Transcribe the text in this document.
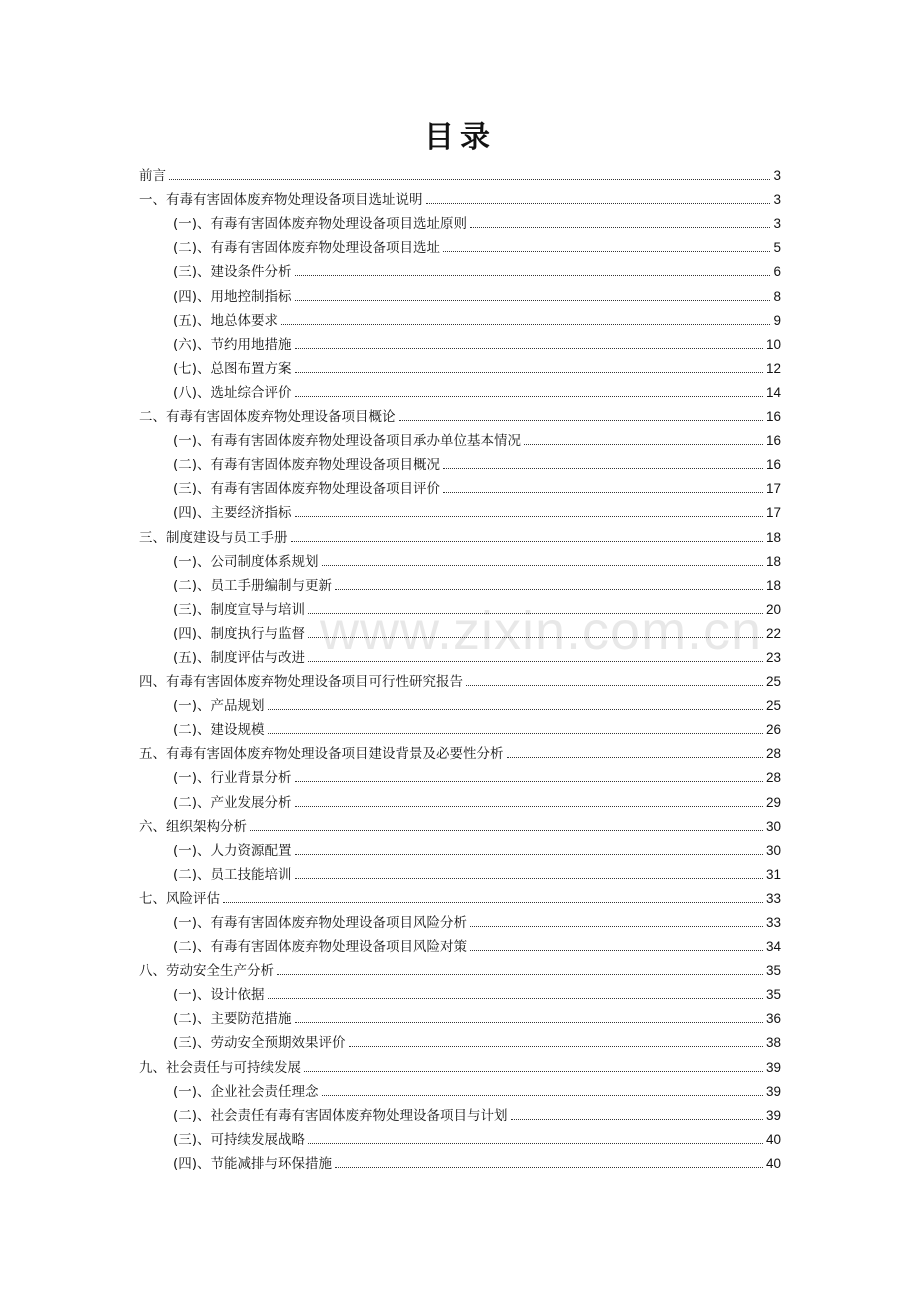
目录
前言	3
一、有毒有害固体废弃物处理设备项目选址说明	3
(一)、有毒有害固体废弃物处理设备项目选址原则	3
(二)、有毒有害固体废弃物处理设备项目选址	5
(三)、建设条件分析	6
(四)、用地控制指标	8
(五)、地总体要求	9
(六)、节约用地措施	10
(七)、总图布置方案	12
(八)、选址综合评价	14
二、有毒有害固体废弃物处理设备项目概论	16
(一)、有毒有害固体废弃物处理设备项目承办单位基本情况	16
(二)、有毒有害固体废弃物处理设备项目概况	16
(三)、有毒有害固体废弃物处理设备项目评价	17
(四)、主要经济指标	17
三、制度建设与员工手册	18
(一)、公司制度体系规划	18
(二)、员工手册编制与更新	18
(三)、制度宣导与培训	20
(四)、制度执行与监督	22
(五)、制度评估与改进	23
四、有毒有害固体废弃物处理设备项目可行性研究报告	25
(一)、产品规划	25
(二)、建设规模	26
五、有毒有害固体废弃物处理设备项目建设背景及必要性分析	28
(一)、行业背景分析	28
(二)、产业发展分析	29
六、组织架构分析	30
(一)、人力资源配置	30
(二)、员工技能培训	31
七、风险评估	33
(一)、有毒有害固体废弃物处理设备项目风险分析	33
(二)、有毒有害固体废弃物处理设备项目风险对策	34
八、劳动安全生产分析	35
(一)、设计依据	35
(二)、主要防范措施	36
(三)、劳动安全预期效果评价	38
九、社会责任与可持续发展	39
(一)、企业社会责任理念	39
(二)、社会责任有毒有害固体废弃物处理设备项目与计划	39
(三)、可持续发展战略	40
(四)、节能减排与环保措施	40
www.zixin.com.cn
